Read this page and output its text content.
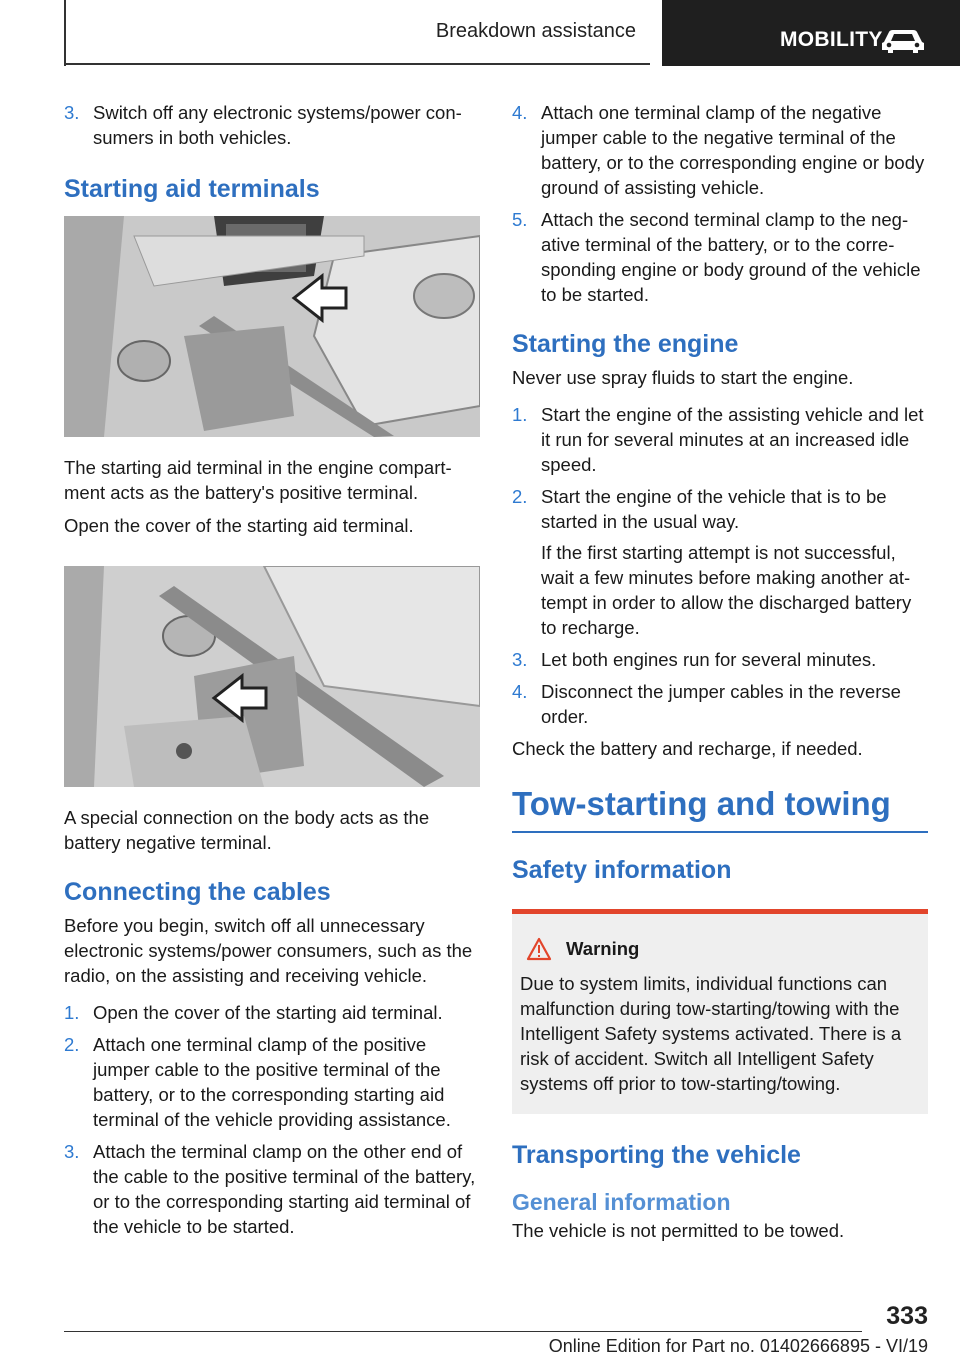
Breakdown assistance	MOBILITY
3. Switch off any electronic systems/power consumers in both vehicles.
Starting aid terminals

The starting aid terminal in the engine compartment acts as the battery's positive terminal.

Open the cover of the starting aid terminal.

A special connection on the body acts as the battery negative terminal.

Connecting the cables

Before you begin, switch off all unnecessary electronic systems/power consumers, such as the radio, on the assisting and receiving vehicle.

1. Open the cover of the starting aid terminal.
2. Attach one terminal clamp of the positive jumper cable to the positive terminal of the battery, or to the corresponding starting aid terminal of the vehicle providing assistance.
3. Attach the terminal clamp on the other end of the cable to the positive terminal of the battery, or to the corresponding starting aid terminal of the vehicle to be started.
4. Attach one terminal clamp of the negative jumper cable to the negative terminal of the battery, or to the corresponding engine or body ground of assisting vehicle.
5. Attach the second terminal clamp to the negative terminal of the battery, or to the corresponding engine or body ground of the vehicle to be started.
Starting the engine

Never use spray fluids to start the engine.

1. Start the engine of the assisting vehicle and let it run for several minutes at an increased idle speed.
2. Start the engine of the vehicle that is to be started in the usual way.
If the first starting attempt is not successful, wait a few minutes before making another attempt in order to allow the discharged battery to recharge.
3. Let both engines run for several minutes.
4. Disconnect the jumper cables in the reverse order.

Check the battery and recharge, if needed.

Tow-starting and towing
Safety information
Warning
Due to system limits, individual functions can malfunction during tow-starting/towing with the Intelligent Safety systems activated. There is a risk of accident. Switch all Intelligent Safety systems off prior to tow-starting/towing.
Transporting the vehicle
General information

The vehicle is not permitted to be towed.

333
Online Edition for Part no. 01402666895 - VI/19
